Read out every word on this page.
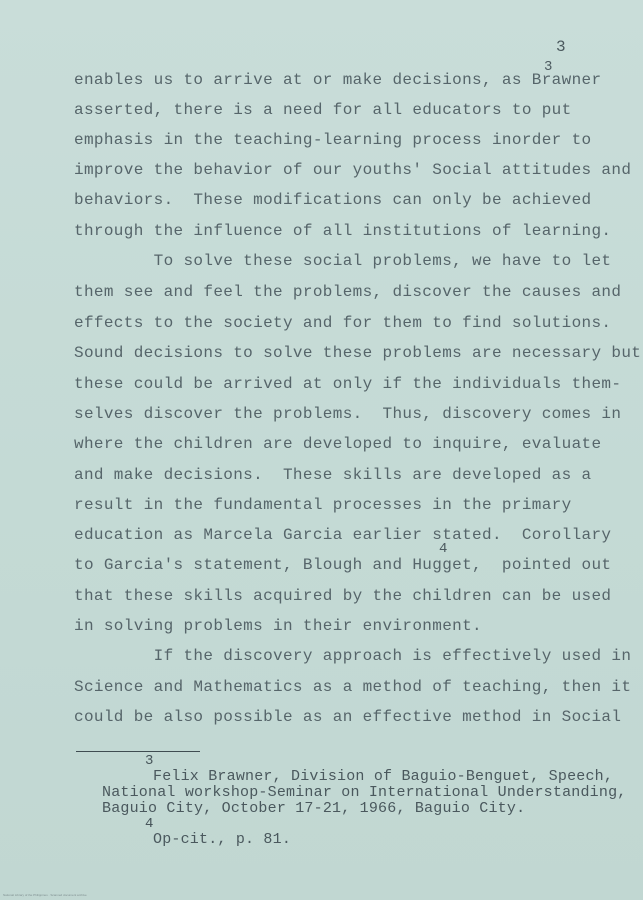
3
enables us to arrive at or make decisions, as Brawner
3
asserted, there is a need for all educators to put
emphasis in the teaching-learning process inorder to
improve the behavior of our youths' Social attitudes and
behaviors.  These modifications can only be achieved
through the influence of all institutions of learning.
To solve these social problems, we have to let
them see and feel the problems, discover the causes and
effects to the society and for them to find solutions.
Sound decisions to solve these problems are necessary but
these could be arrived at only if the individuals them-
selves discover the problems.  Thus, discovery comes in
where the children are developed to inquire, evaluate
and make decisions.  These skills are developed as a
result in the fundamental processes in the primary
education as Marcela Garcia earlier stated.  Corollary
4
to Garcia's statement, Blough and Hugget,  pointed out
that these skills acquired by the children can be used
in solving problems in their environment.
If the discovery approach is effectively used in
Science and Mathematics as a method of teaching, then it
could be also possible as an effective method in Social
3
Felix Brawner, Division of Baguio-Benguet, Speech,
National workshop-Seminar on International Understanding,
Baguio City, October 17-21, 1966, Baguio City.
4
Op-cit., p. 81.
National Library of the Philippines · Scanned document archive
